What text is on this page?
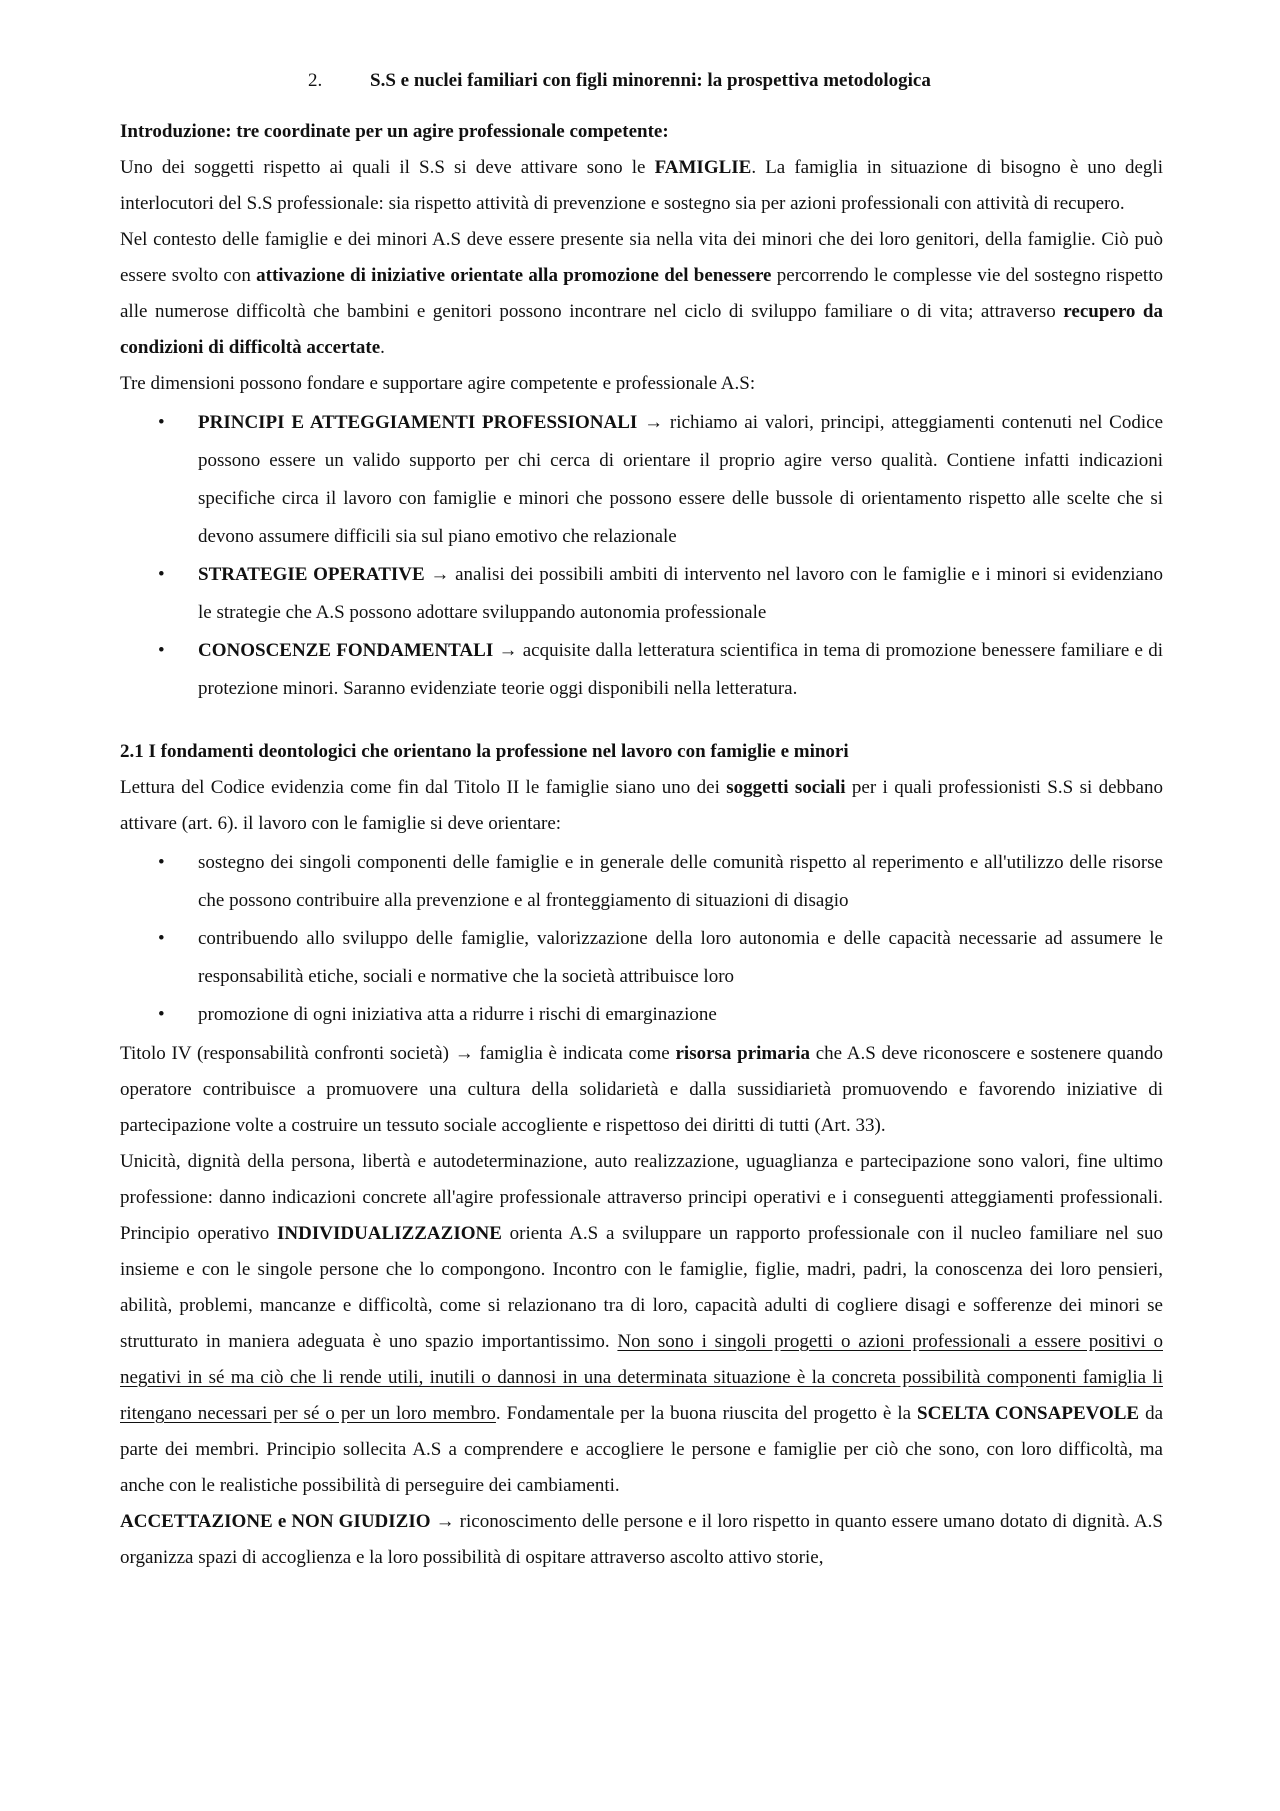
2.	S.S e nuclei familiari con figli minorenni: la prospettiva metodologica

Introduzione: tre coordinate per un agire professionale competente:

Uno dei soggetti rispetto ai quali il S.S si deve attivare sono le FAMIGLIE. La famiglia in situazione di bisogno è uno degli interlocutori del S.S professionale: sia rispetto attività di prevenzione e sostegno sia per azioni professionali con attività di recupero.

Nel contesto delle famiglie e dei minori A.S deve essere presente sia nella vita dei minori che dei loro genitori, della famiglie. Ciò può essere svolto con attivazione di iniziative orientate alla promozione del benessere percorrendo le complesse vie del sostegno rispetto alle numerose difficoltà che bambini e genitori possono incontrare nel ciclo di sviluppo familiare o di vita; attraverso recupero da condizioni di difficoltà accertate.

Tre dimensioni possono fondare e supportare agire competente e professionale A.S:

• PRINCIPI E ATTEGGIAMENTI PROFESSIONALI → richiamo ai valori, principi, atteggiamenti contenuti nel Codice possono essere un valido supporto per chi cerca di orientare il proprio agire verso qualità. Contiene infatti indicazioni specifiche circa il lavoro con famiglie e minori che possono essere delle bussole di orientamento rispetto alle scelte che si devono assumere difficili sia sul piano emotivo che relazionale
• STRATEGIE OPERATIVE → analisi dei possibili ambiti di intervento nel lavoro con le famiglie e i minori si evidenziano le strategie che A.S possono adottare sviluppando autonomia professionale
• CONOSCENZE FONDAMENTALI → acquisite dalla letteratura scientifica in tema di promozione benessere familiare e di protezione minori. Saranno evidenziate teorie oggi disponibili nella letteratura.

2.1 I fondamenti deontologici che orientano la professione nel lavoro con famiglie e minori

Lettura del Codice evidenzia come fin dal Titolo II le famiglie siano uno dei soggetti sociali per i quali professionisti S.S si debbano attivare (art. 6). il lavoro con le famiglie si deve orientare:

• sostegno dei singoli componenti delle famiglie e in generale delle comunità rispetto al reperimento e all'utilizzo delle risorse che possono contribuire alla prevenzione e al fronteggiamento di situazioni di disagio
• contribuendo allo sviluppo delle famiglie, valorizzazione della loro autonomia e delle capacità necessarie ad assumere le responsabilità etiche, sociali e normative che la società attribuisce loro
• promozione di ogni iniziativa atta a ridurre i rischi di emarginazione

Titolo IV (responsabilità confronti società) → famiglia è indicata come risorsa primaria che A.S deve riconoscere e sostenere quando operatore contribuisce a promuovere una cultura della solidarietà e dalla sussidiarietà promuovendo e favorendo iniziative di partecipazione volte a costruire un tessuto sociale accogliente e rispettoso dei diritti di tutti (Art. 33).

Unicità, dignità della persona, libertà e autodeterminazione, auto realizzazione, uguaglianza e partecipazione sono valori, fine ultimo professione: danno indicazioni concrete all'agire professionale attraverso principi operativi e i conseguenti atteggiamenti professionali. Principio operativo INDIVIDUALIZZAZIONE orienta A.S a sviluppare un rapporto professionale con il nucleo familiare nel suo insieme e con le singole persone che lo compongono. Incontro con le famiglie, figlie, madri, padri, la conoscenza dei loro pensieri, abilità, problemi, mancanze e difficoltà, come si relazionano tra di loro, capacità adulti di cogliere disagi e sofferenze dei minori se strutturato in maniera adeguata è uno spazio importantissimo. Non sono i singoli progetti o azioni professionali a essere positivi o negativi in sé ma ciò che li rende utili, inutili o dannosi in una determinata situazione è la concreta possibilità componenti famiglia li ritengano necessari per sé o per un loro membro. Fondamentale per la buona riuscita del progetto è la SCELTA CONSAPEVOLE da parte dei membri. Principio sollecita A.S a comprendere e accogliere le persone e famiglie per ciò che sono, con loro difficoltà, ma anche con le realistiche possibilità di perseguire dei cambiamenti.

ACCETTAZIONE e NON GIUDIZIO → riconoscimento delle persone e il loro rispetto in quanto essere umano dotato di dignità. A.S organizza spazi di accoglienza e la loro possibilità di ospitare attraverso ascolto attivo storie,
